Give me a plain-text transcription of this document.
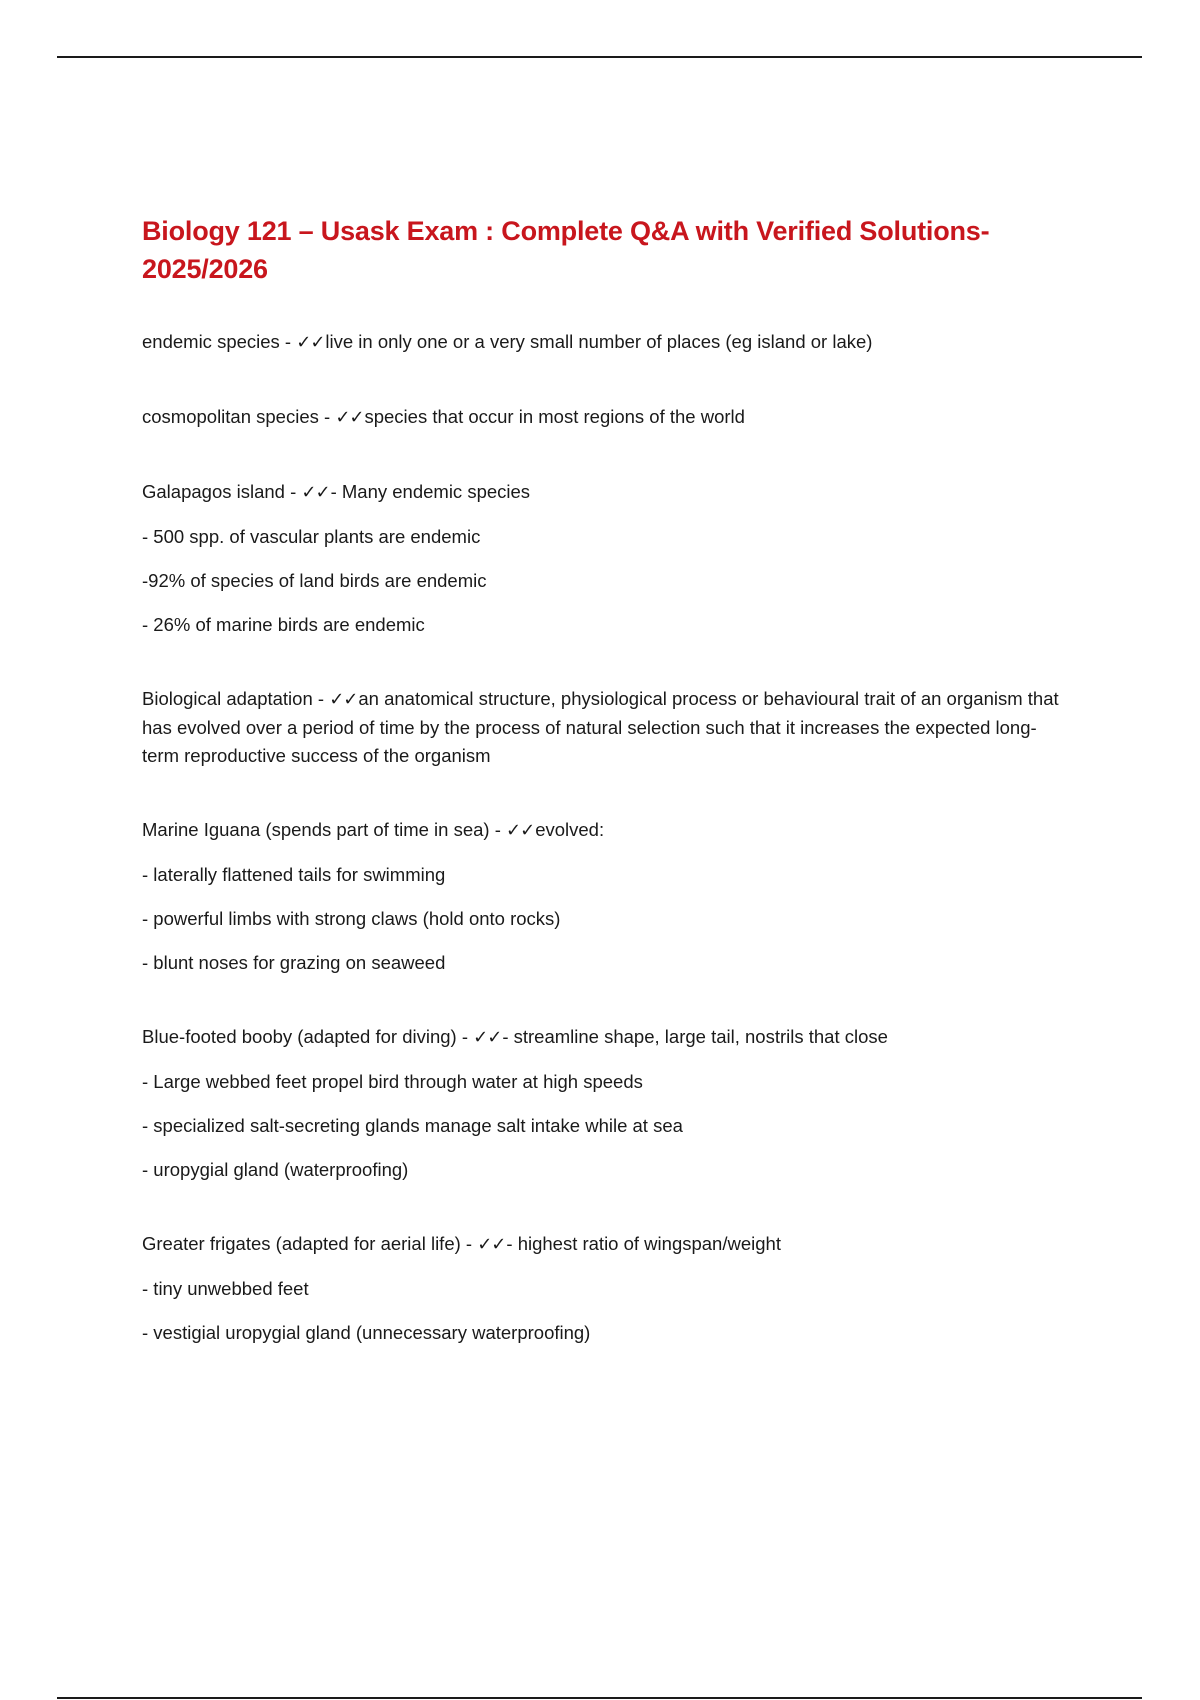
Biology 121 – Usask Exam : Complete Q&A with Verified Solutions- 2025/2026

endemic species - ✓✓live in only one or a very small number of places (eg island or lake)

cosmopolitan species - ✓✓species that occur in most regions of the world

Galapagos island - ✓✓- Many endemic species

- 500 spp. of vascular plants are endemic

-92% of species of land birds are endemic

- 26% of marine birds are endemic

Biological adaptation - ✓✓an anatomical structure, physiological process or behavioural trait of an organism that has evolved over a period of time by the process of natural selection such that it increases the expected long-term reproductive success of the organism

Marine Iguana (spends part of time in sea) - ✓✓evolved:

- laterally flattened tails for swimming

- powerful limbs with strong claws (hold onto rocks)

- blunt noses for grazing on seaweed

Blue-footed booby (adapted for diving) - ✓✓- streamline shape, large tail, nostrils that close

- Large webbed feet propel bird through water at high speeds

- specialized salt-secreting glands manage salt intake while at sea

- uropygial gland (waterproofing)

Greater frigates (adapted for aerial life) - ✓✓- highest ratio of wingspan/weight

- tiny unwebbed feet

- vestigial uropygial gland (unnecessary waterproofing)
